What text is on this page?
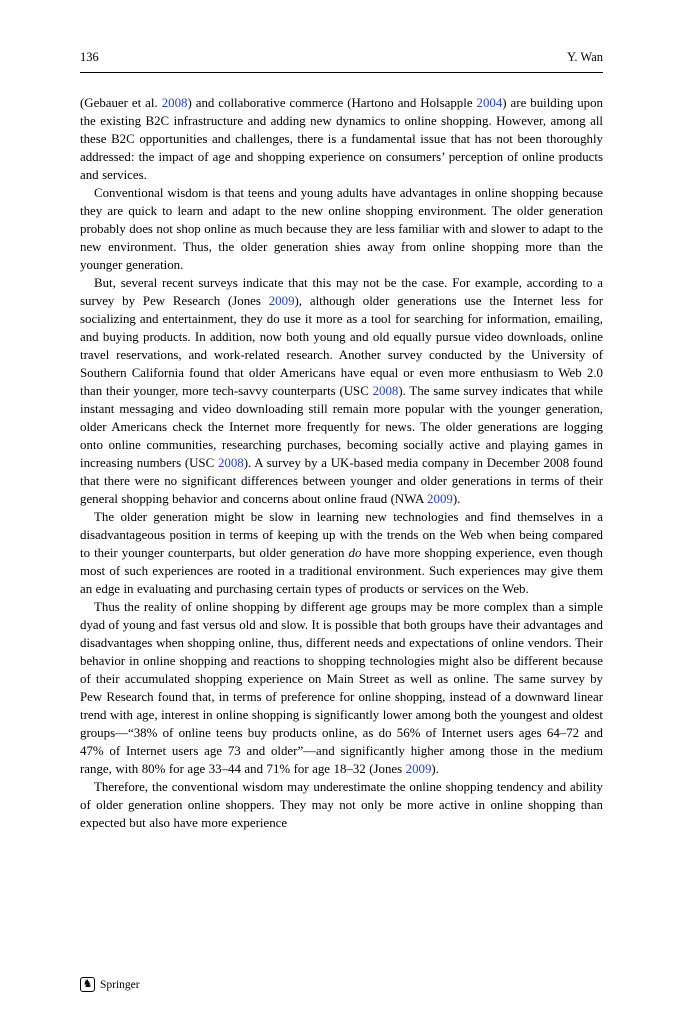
136	Y. Wan

(Gebauer et al. 2008) and collaborative commerce (Hartono and Holsapple 2004) are building upon the existing B2C infrastructure and adding new dynamics to online shopping. However, among all these B2C opportunities and challenges, there is a fundamental issue that has not been thoroughly addressed: the impact of age and shopping experience on consumers’ perception of online products and services.

Conventional wisdom is that teens and young adults have advantages in online shopping because they are quick to learn and adapt to the new online shopping environment. The older generation probably does not shop online as much because they are less familiar with and slower to adapt to the new environment. Thus, the older generation shies away from online shopping more than the younger generation.

But, several recent surveys indicate that this may not be the case. For example, according to a survey by Pew Research (Jones 2009), although older generations use the Internet less for socializing and entertainment, they do use it more as a tool for searching for information, emailing, and buying products. In addition, now both young and old equally pursue video downloads, online travel reservations, and work-related research. Another survey conducted by the University of Southern California found that older Americans have equal or even more enthusiasm to Web 2.0 than their younger, more tech-savvy counterparts (USC 2008). The same survey indicates that while instant messaging and video downloading still remain more popular with the younger generation, older Americans check the Internet more frequently for news. The older generations are logging onto online communities, researching purchases, becoming socially active and playing games in increasing numbers (USC 2008). A survey by a UK-based media company in December 2008 found that there were no significant differences between younger and older generations in terms of their general shopping behavior and concerns about online fraud (NWA 2009).

The older generation might be slow in learning new technologies and find themselves in a disadvantageous position in terms of keeping up with the trends on the Web when being compared to their younger counterparts, but older generation do have more shopping experience, even though most of such experiences are rooted in a traditional environment. Such experiences may give them an edge in evaluating and purchasing certain types of products or services on the Web.

Thus the reality of online shopping by different age groups may be more complex than a simple dyad of young and fast versus old and slow. It is possible that both groups have their advantages and disadvantages when shopping online, thus, different needs and expectations of online vendors. Their behavior in online shopping and reactions to shopping technologies might also be different because of their accumulated shopping experience on Main Street as well as online. The same survey by Pew Research found that, in terms of preference for online shopping, instead of a downward linear trend with age, interest in online shopping is significantly lower among both the youngest and oldest groups—“38% of online teens buy products online, as do 56% of Internet users ages 64–72 and 47% of Internet users age 73 and older”—and significantly higher among those in the medium range, with 80% for age 33–44 and 71% for age 18–32 (Jones 2009).

Therefore, the conventional wisdom may underestimate the online shopping tendency and ability of older generation online shoppers. They may not only be more active in online shopping than expected but also have more experience

♞ Springer
